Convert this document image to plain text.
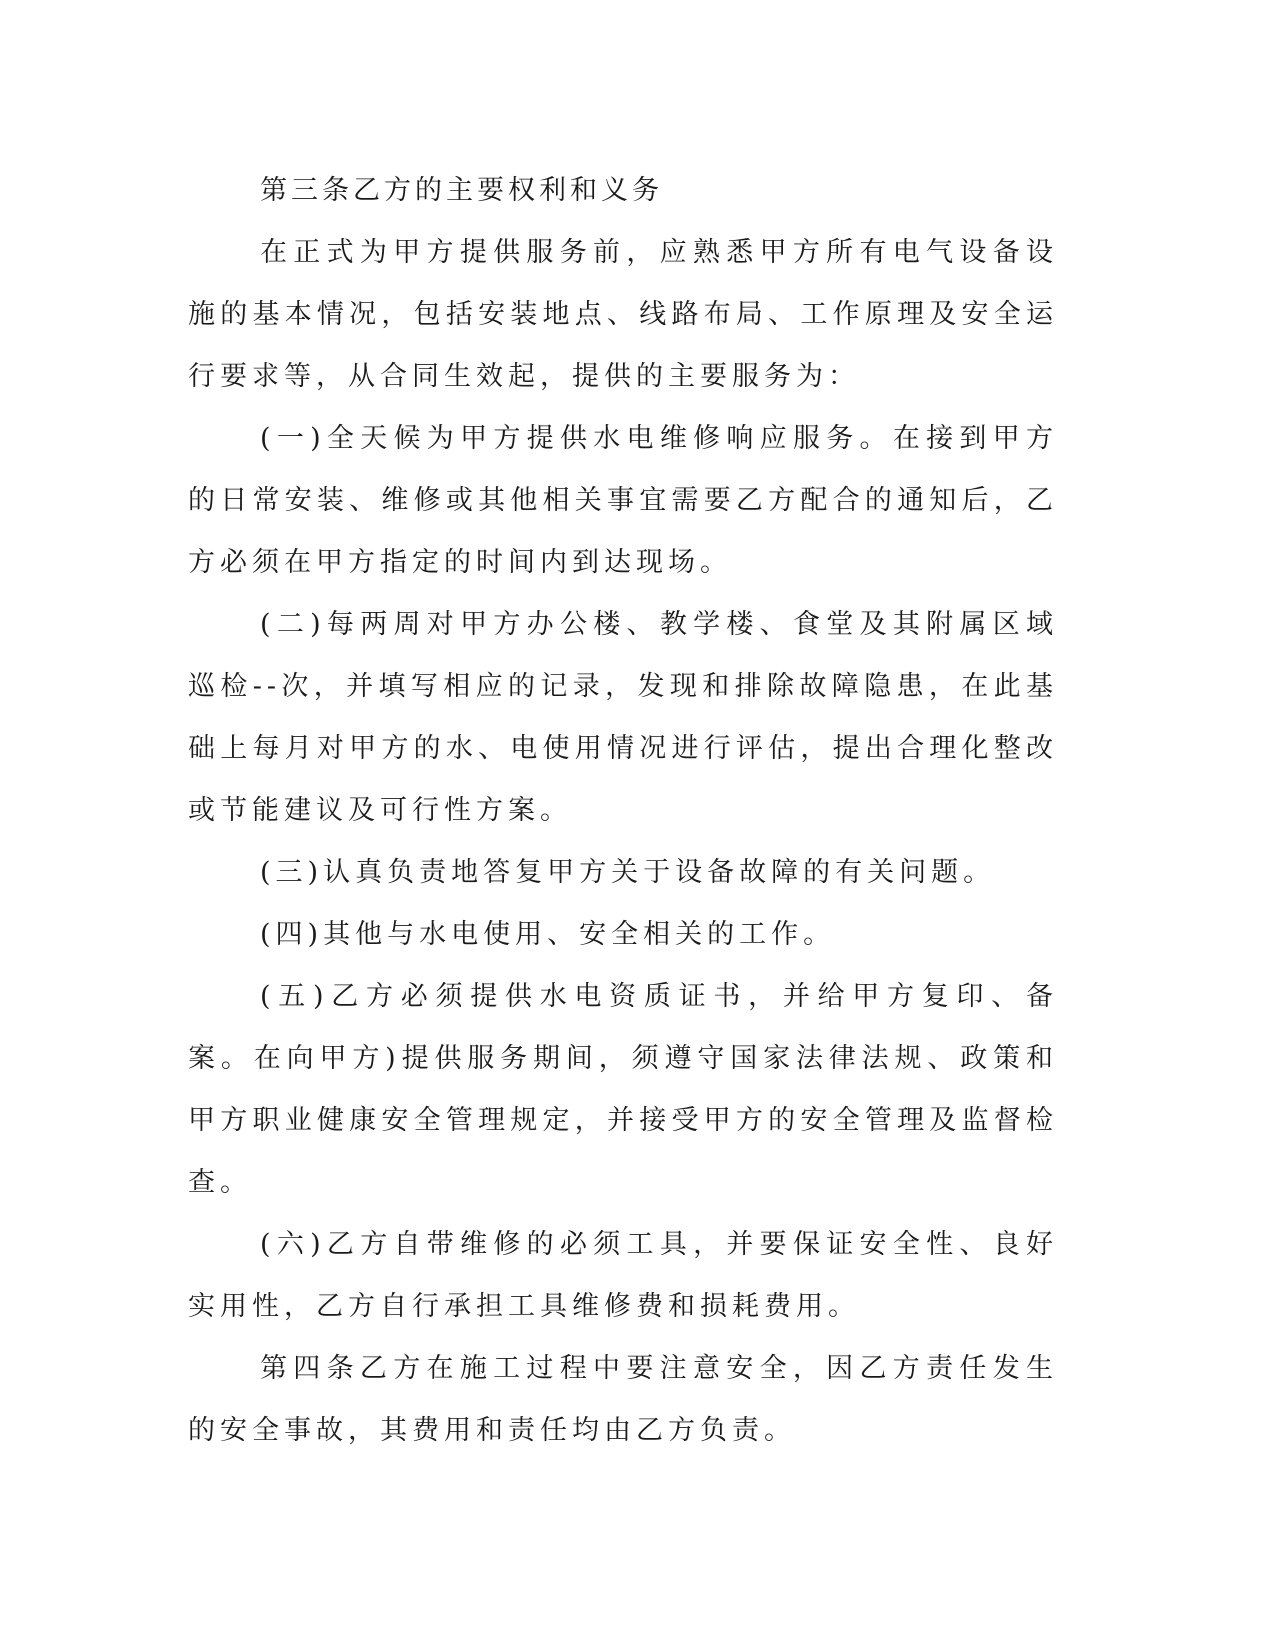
第三条乙方的主要权利和义务

在正式为甲方提供服务前，应熟悉甲方所有电气设备设施的基本情况，包括安装地点、线路布局、工作原理及安全运行要求等，从合同生效起，提供的主要服务为：

(一)全天候为甲方提供水电维修响应服务。在接到甲方的日常安装、维修或其他相关事宜需要乙方配合的通知后，乙方必须在甲方指定的时间内到达现场。

(二)每两周对甲方办公楼、教学楼、食堂及其附属区域巡检--次，并填写相应的记录，发现和排除故障隐患，在此基础上每月对甲方的水、电使用情况进行评估，提出合理化整改或节能建议及可行性方案。

(三)认真负责地答复甲方关于设备故障的有关问题。

(四)其他与水电使用、安全相关的工作。

(五)乙方必须提供水电资质证书，并给甲方复印、备案。在向甲方)提供服务期间，须遵守国家法律法规、政策和甲方职业健康安全管理规定，并接受甲方的安全管理及监督检查。

(六)乙方自带维修的必须工具，并要保证安全性、良好实用性，乙方自行承担工具维修费和损耗费用。

第四条乙方在施工过程中要注意安全，因乙方责任发生的安全事故，其费用和责任均由乙方负责。
